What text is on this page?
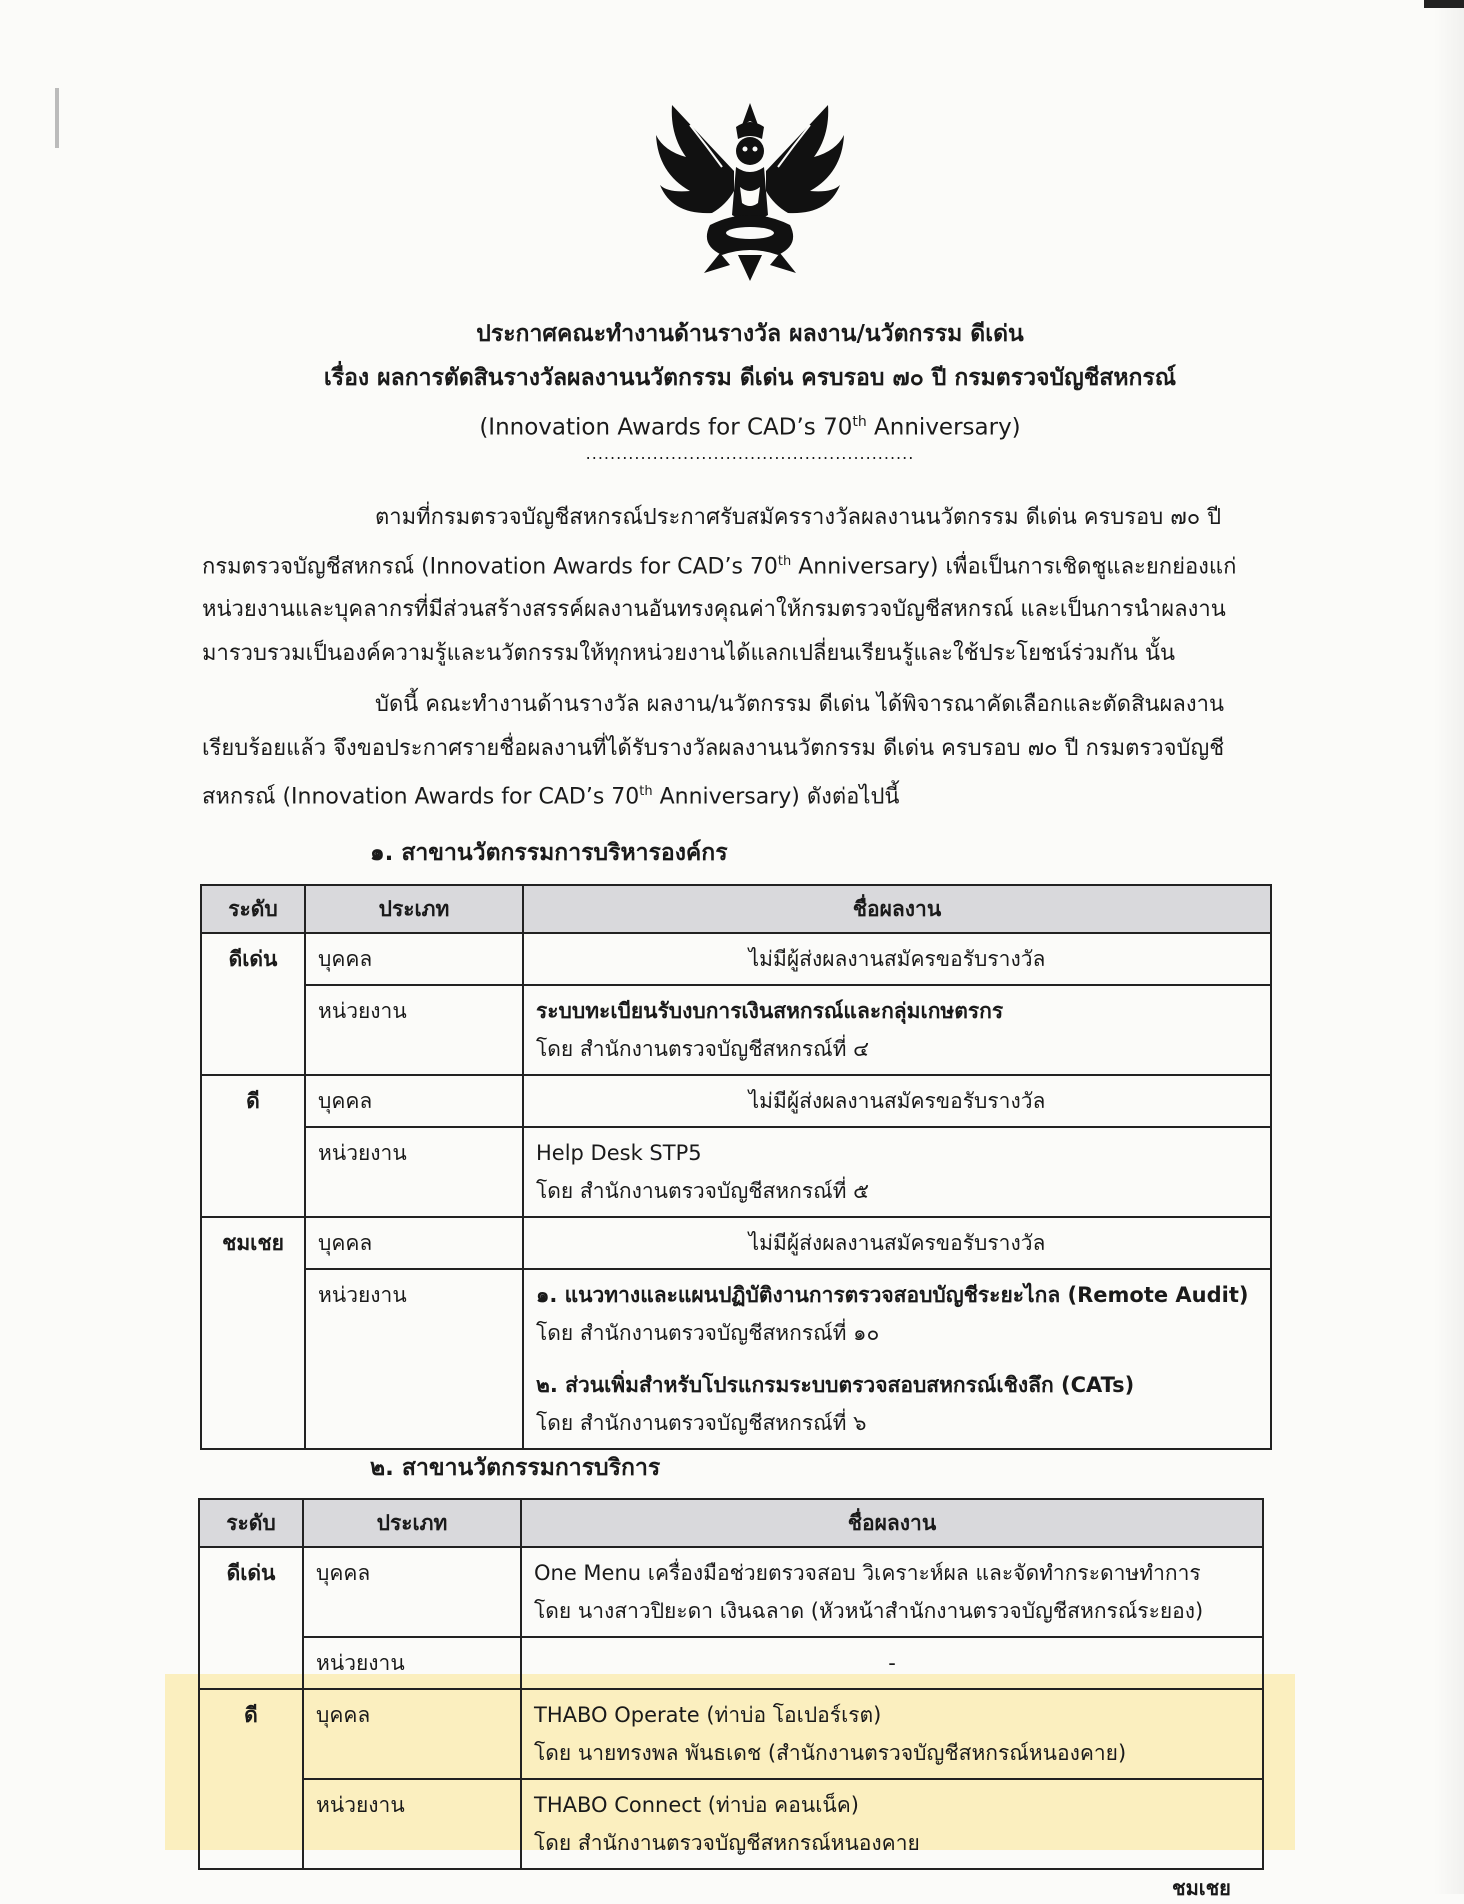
ประกาศคณะทำงานด้านรางวัล ผลงาน/นวัตกรรม ดีเด่น
เรื่อง ผลการตัดสินรางวัลผลงานนวัตกรรม ดีเด่น ครบรอบ ๗๐ ปี กรมตรวจบัญชีสหกรณ์
(Innovation Awards for CAD’s 70th Anniversary)
......................................................
ตามที่กรมตรวจบัญชีสหกรณ์ประกาศรับสมัครรางวัลผลงานนวัตกรรม ดีเด่น ครบรอบ ๗๐ ปี
กรมตรวจบัญชีสหกรณ์ (Innovation Awards for CAD’s 70th Anniversary) เพื่อเป็นการเชิดชูและยกย่องแก่
หน่วยงานและบุคลากรที่มีส่วนสร้างสรรค์ผลงานอันทรงคุณค่าให้กรมตรวจบัญชีสหกรณ์ และเป็นการนำผลงาน
มารวบรวมเป็นองค์ความรู้และนวัตกรรมให้ทุกหน่วยงานได้แลกเปลี่ยนเรียนรู้และใช้ประโยชน์ร่วมกัน นั้น
บัดนี้ คณะทำงานด้านรางวัล ผลงาน/นวัตกรรม ดีเด่น ได้พิจารณาคัดเลือกและตัดสินผลงาน
เรียบร้อยแล้ว จึงขอประกาศรายชื่อผลงานที่ได้รับรางวัลผลงานนวัตกรรม ดีเด่น ครบรอบ ๗๐ ปี กรมตรวจบัญชี
สหกรณ์ (Innovation Awards for CAD’s 70th Anniversary) ดังต่อไปนี้
๑. สาขานวัตกรรมการบริหารองค์กร
ระดับ	ประเภท	ชื่อผลงาน
ดีเด่น	บุคคล	ไม่มีผู้ส่งผลงานสมัครขอรับรางวัล
	หน่วยงาน	ระบบทะเบียนรับงบการเงินสหกรณ์และกลุ่มเกษตรกร
โดย สำนักงานตรวจบัญชีสหกรณ์ที่ ๔
ดี	บุคคล	ไม่มีผู้ส่งผลงานสมัครขอรับรางวัล
	หน่วยงาน	Help Desk STP5
โดย สำนักงานตรวจบัญชีสหกรณ์ที่ ๕
ชมเชย	บุคคล	ไม่มีผู้ส่งผลงานสมัครขอรับรางวัล
	หน่วยงาน	๑. แนวทางและแผนปฏิบัติงานการตรวจสอบบัญชีระยะไกล (Remote Audit)
โดย สำนักงานตรวจบัญชีสหกรณ์ที่ ๑๐
๒. ส่วนเพิ่มสำหรับโปรแกรมระบบตรวจสอบสหกรณ์เชิงลึก (CATs)
โดย สำนักงานตรวจบัญชีสหกรณ์ที่ ๖
๒. สาขานวัตกรรมการบริการ
ระดับ	ประเภท	ชื่อผลงาน
ดีเด่น	บุคคล	One Menu เครื่องมือช่วยตรวจสอบ วิเคราะห์ผล และจัดทำกระดาษทำการ
โดย นางสาวปิยะดา เงินฉลาด (หัวหน้าสำนักงานตรวจบัญชีสหกรณ์ระยอง)
	หน่วยงาน	-
ดี	บุคคล	THABO Operate (ท่าบ่อ โอเปอร์เรต)
โดย นายทรงพล พันธเดช (สำนักงานตรวจบัญชีสหกรณ์หนองคาย)
	หน่วยงาน	THABO Connect (ท่าบ่อ คอนเน็ค)
โดย สำนักงานตรวจบัญชีสหกรณ์หนองคาย
ชมเชย
